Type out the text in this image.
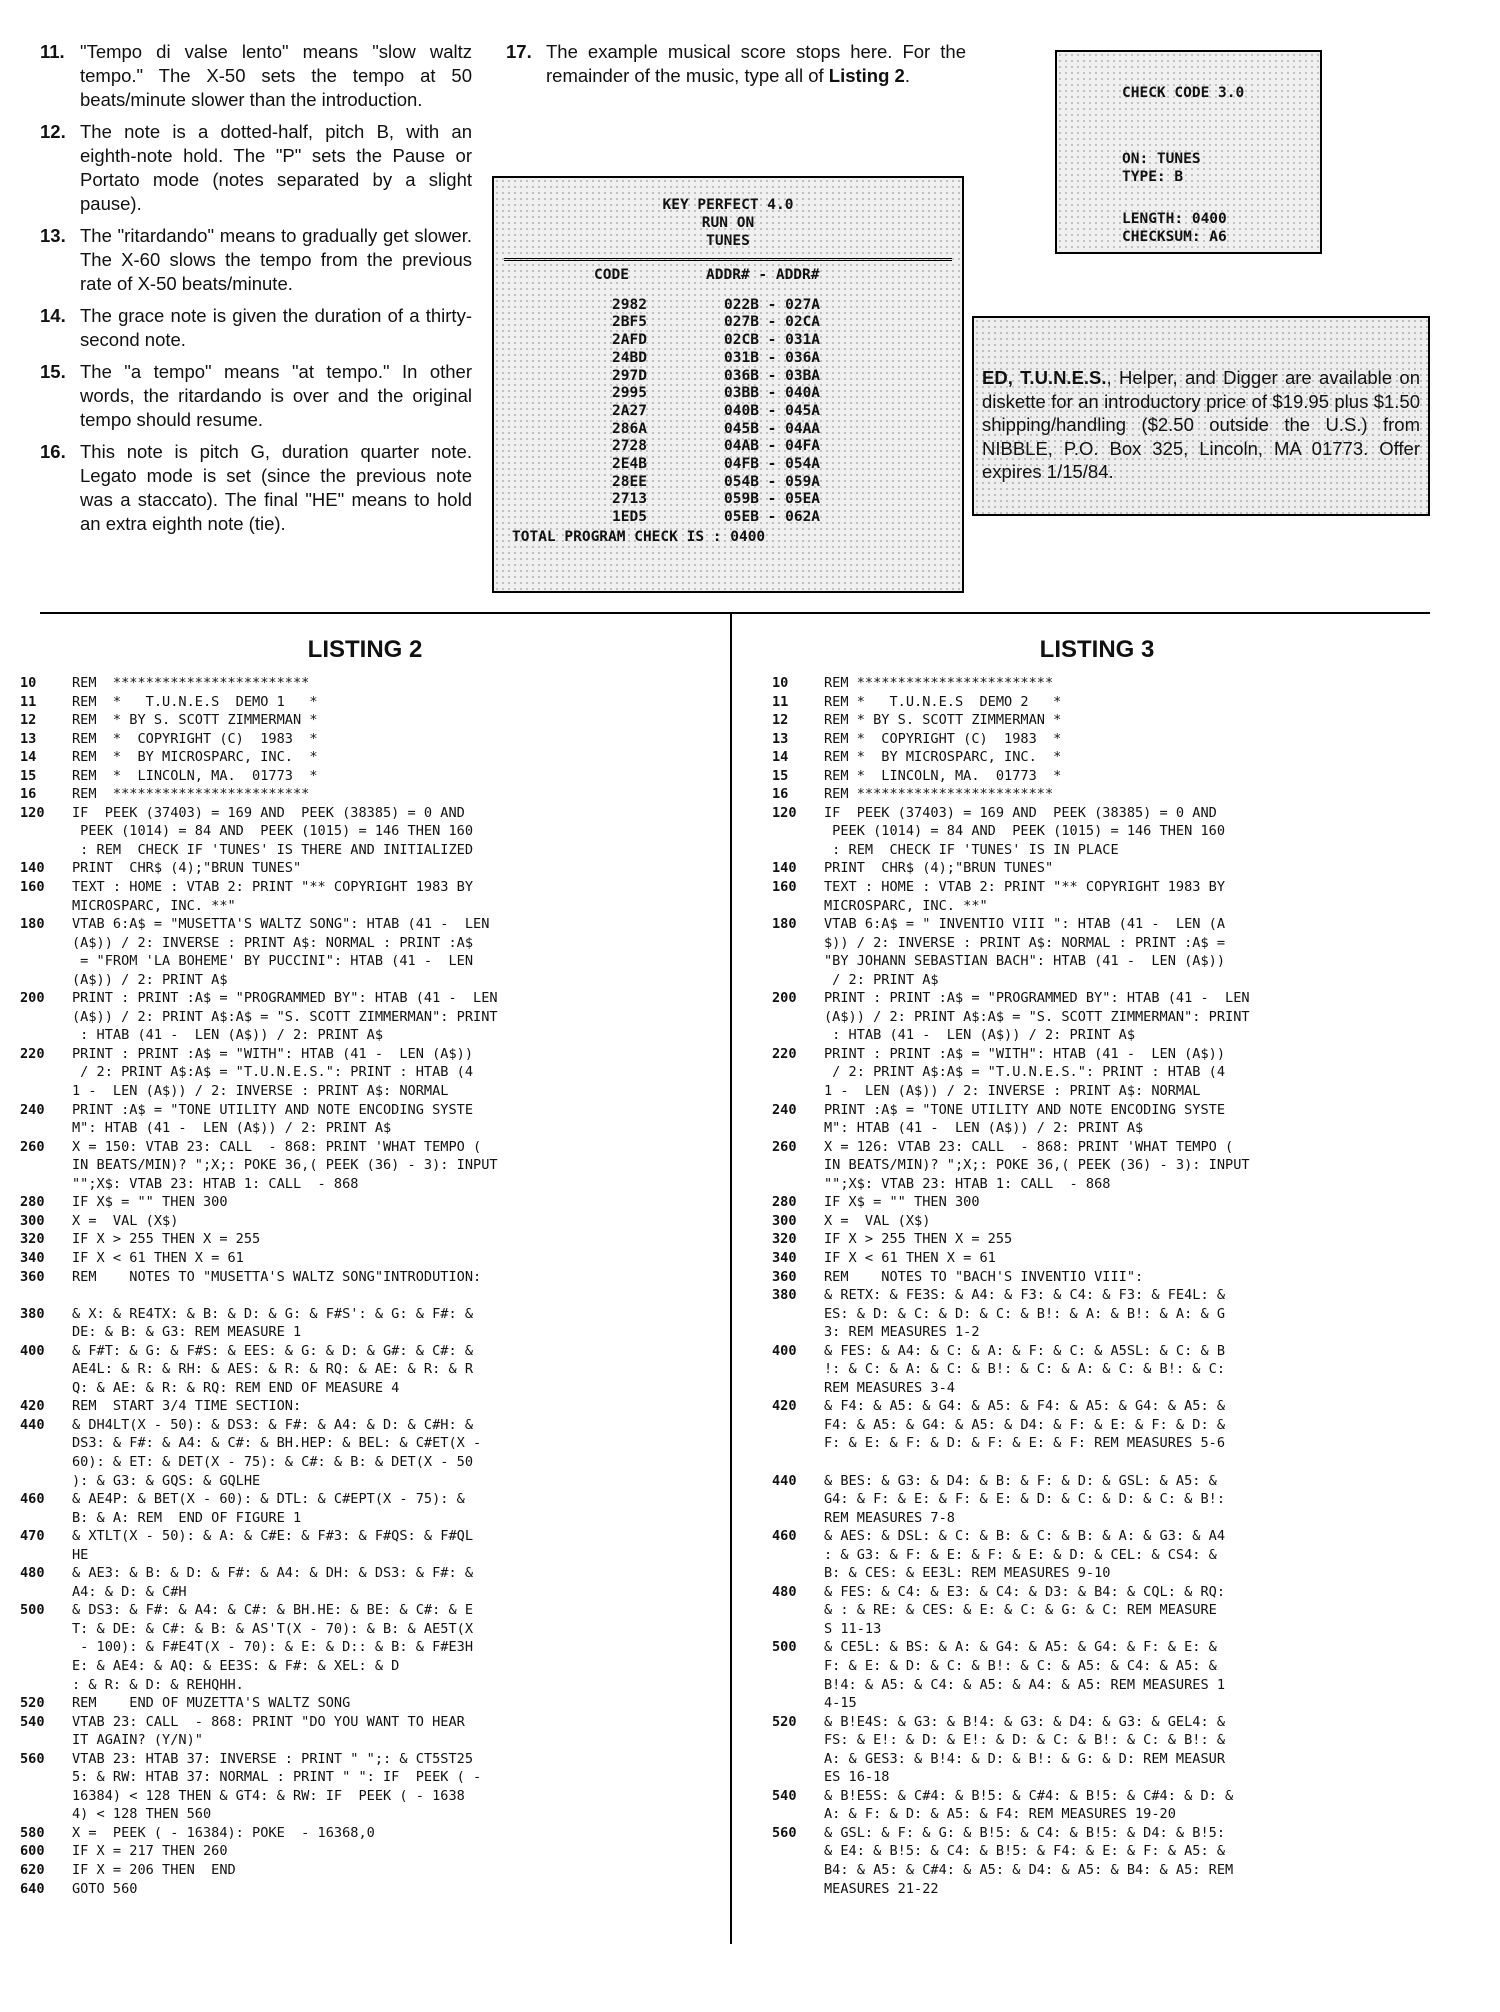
11. "Tempo di valse lento" means "slow waltz tempo." The X-50 sets the tempo at 50 beats/minute slower than the introduction.
12. The note is a dotted-half, pitch B, with an eighth-note hold. The "P" sets the Pause or Portato mode (notes separated by a slight pause).
13. The "ritardando" means to gradually get slower. The X-60 slows the tempo from the previous rate of X-50 beats/minute.
14. The grace note is given the duration of a thirty-second note.
15. The "a tempo" means "at tempo." In other words, the ritardando is over and the original tempo should resume.
16. This note is pitch G, duration quarter note. Legato mode is set (since the previous note was a staccato). The final "HE" means to hold an extra eighth note (tie).
17. The example musical score stops here. For the remainder of the music, type all of Listing 2.
CHECK CODE 3.0
ON: TUNES
TYPE: B
LENGTH: 0400
CHECKSUM: A6
KEY PERFECT 4.0
RUN ON
TUNES
CODE	ADDR# - ADDR#
2982	022B - 027A
2BF5	027B - 02CA
2AFD	02CB - 031A
24BD	031B - 036A
297D	036B - 03BA
2995	03BB - 040A
2A27	040B - 045A
286A	045B - 04AA
2728	04AB - 04FA
2E4B	04FB - 054A
28EE	054B - 059A
2713	059B - 05EA
1ED5	05EB - 062A
TOTAL PROGRAM CHECK IS : 0400
ED, T.U.N.E.S., Helper, and Digger are available on diskette for an introductory price of $19.95 plus $1.50 shipping/handling ($2.50 outside the U.S.) from NIBBLE, P.O. Box 325, Lincoln, MA 01773. Offer expires 1/15/84.
LISTING 2
10	REM  ************************
11	REM  *   T.U.N.E.S  DEMO 1   *
12	REM  * BY S. SCOTT ZIMMERMAN *
13	REM  *  COPYRIGHT (C)  1983  *
14	REM  *  BY MICROSPARC, INC.  *
15	REM  *  LINCOLN, MA.  01773  *
16	REM  ************************
120	IF  PEEK (37403) = 169 AND  PEEK (38385) = 0 AND
PEEK (1014) = 84 AND  PEEK (1015) = 146 THEN 160
: REM  CHECK IF 'TUNES' IS THERE AND INITIALIZED
140	PRINT  CHR$ (4);"BRUN TUNES"
160	TEXT : HOME : VTAB 2: PRINT "** COPYRIGHT 1983 BY
MICROSPARC, INC. **"
180	VTAB 6:A$ = "MUSETTA'S WALTZ SONG": HTAB (41 -  LEN
(A$)) / 2: INVERSE : PRINT A$: NORMAL : PRINT :A$
= "FROM 'LA BOHEME' BY PUCCINI": HTAB (41 -  LEN
(A$)) / 2: PRINT A$
200	PRINT : PRINT :A$ = "PROGRAMMED BY": HTAB (41 -  LEN
(A$)) / 2: PRINT A$:A$ = "S. SCOTT ZIMMERMAN": PRINT
: HTAB (41 -  LEN (A$)) / 2: PRINT A$
220	PRINT : PRINT :A$ = "WITH": HTAB (41 -  LEN (A$))
/ 2: PRINT A$:A$ = "T.U.N.E.S.": PRINT : HTAB (4
1 -  LEN (A$)) / 2: INVERSE : PRINT A$: NORMAL
240	PRINT :A$ = "TONE UTILITY AND NOTE ENCODING SYSTE
M": HTAB (41 -  LEN (A$)) / 2: PRINT A$
260	X = 150: VTAB 23: CALL  - 868: PRINT 'WHAT TEMPO (
IN BEATS/MIN)? ";X;: POKE 36,( PEEK (36) - 3): INPUT
"";X$: VTAB 23: HTAB 1: CALL  - 868
280	IF X$ = "" THEN 300
300	X =  VAL (X$)
320	IF X > 255 THEN X = 255
340	IF X < 61 THEN X = 61
360	REM    NOTES TO "MUSETTA'S WALTZ SONG"INTRODUTION:

380	& X: & RE4TX: & B: & D: & G: & F#S': & G: & F#: &
DE: & B: & G3: REM MEASURE 1
400	& F#T: & G: & F#S: & EES: & G: & D: & G#: & C#: &
AE4L: & R: & RH: & AES: & R: & RQ: & AE: & R: & R
Q: & AE: & R: & RQ: REM END OF MEASURE 4
420	REM  START 3/4 TIME SECTION:
440	& DH4LT(X - 50): & DS3: & F#: & A4: & D: & C#H: &
DS3: & F#: & A4: & C#: & BH.HEP: & BEL: & C#ET(X -
60): & ET: & DET(X - 75): & C#: & B: & DET(X - 50
): & G3: & GQS: & GQLHE
460	& AE4P: & BET(X - 60): & DTL: & C#EPT(X - 75): &
B: & A: REM  END OF FIGURE 1
470	& XTLT(X - 50): & A: & C#E: & F#3: & F#QS: & F#QL
HE
480	& AE3: & B: & D: & F#: & A4: & DH: & DS3: & F#: &
A4: & D: & C#H
500	& DS3: & F#: & A4: & C#: & BH.HE: & BE: & C#: & E
T: & DE: & C#: & B: & AS'T(X - 70): & B: & AE5T(X
- 100): & F#E4T(X - 70): & E: & D:: & B: & F#E3H
E: & AE4: & AQ: & EE3S: & F#: & XEL: & D
: & R: & D: & REHQHH.
520	REM    END OF MUZETTA'S WALTZ SONG
540	VTAB 23: CALL  - 868: PRINT "DO YOU WANT TO HEAR
IT AGAIN? (Y/N)"
560	VTAB 23: HTAB 37: INVERSE : PRINT " ";: & CT5ST25
5: & RW: HTAB 37: NORMAL : PRINT " ": IF  PEEK ( -
16384) < 128 THEN & GT4: & RW: IF  PEEK ( - 1638
4) < 128 THEN 560
580	X =  PEEK ( - 16384): POKE  - 16368,0
600	IF X = 217 THEN 260
620	IF X = 206 THEN  END
640	GOTO 560
LISTING 3
10	REM ************************
11	REM *   T.U.N.E.S  DEMO 2   *
12	REM * BY S. SCOTT ZIMMERMAN *
13	REM *  COPYRIGHT (C)  1983  *
14	REM *  BY MICROSPARC, INC.  *
15	REM *  LINCOLN, MA.  01773  *
16	REM ************************
120	IF  PEEK (37403) = 169 AND  PEEK (38385) = 0 AND
PEEK (1014) = 84 AND  PEEK (1015) = 146 THEN 160
: REM  CHECK IF 'TUNES' IS IN PLACE
140	PRINT  CHR$ (4);"BRUN TUNES"
160	TEXT : HOME : VTAB 2: PRINT "** COPYRIGHT 1983 BY
MICROSPARC, INC. **"
180	VTAB 6:A$ = " INVENTIO VIII ": HTAB (41 -  LEN (A
$)) / 2: INVERSE : PRINT A$: NORMAL : PRINT :A$ =
"BY JOHANN SEBASTIAN BACH": HTAB (41 -  LEN (A$))
/ 2: PRINT A$
200	PRINT : PRINT :A$ = "PROGRAMMED BY": HTAB (41 -  LEN
(A$)) / 2: PRINT A$:A$ = "S. SCOTT ZIMMERMAN": PRINT
: HTAB (41 -  LEN (A$)) / 2: PRINT A$
220	PRINT : PRINT :A$ = "WITH": HTAB (41 -  LEN (A$))
/ 2: PRINT A$:A$ = "T.U.N.E.S.": PRINT : HTAB (4
1 -  LEN (A$)) / 2: INVERSE : PRINT A$: NORMAL
240	PRINT :A$ = "TONE UTILITY AND NOTE ENCODING SYSTE
M": HTAB (41 -  LEN (A$)) / 2: PRINT A$
260	X = 126: VTAB 23: CALL  - 868: PRINT 'WHAT TEMPO (
IN BEATS/MIN)? ";X;: POKE 36,( PEEK (36) - 3): INPUT
"";X$: VTAB 23: HTAB 1: CALL  - 868
280	IF X$ = "" THEN 300
300	X =  VAL (X$)
320	IF X > 255 THEN X = 255
340	IF X < 61 THEN X = 61
360	REM    NOTES TO "BACH'S INVENTIO VIII":
380	& RETX: & FE3S: & A4: & F3: & C4: & F3: & FE4L: &
ES: & D: & C: & D: & C: & B!: & A: & B!: & A: & G
3: REM MEASURES 1-2
400	& FES: & A4: & C: & A: & F: & C: & A5SL: & C: & B
!: & C: & A: & C: & B!: & C: & A: & C: & B!: & C:
REM MEASURES 3-4
420	& F4: & A5: & G4: & A5: & F4: & A5: & G4: & A5: &
F4: & A5: & G4: & A5: & D4: & F: & E: & F: & D: &
F: & E: & F: & D: & F: & E: & F: REM MEASURES 5-6

440	& BES: & G3: & D4: & B: & F: & D: & GSL: & A5: &
G4: & F: & E: & F: & E: & D: & C: & D: & C: & B!:
REM MEASURES 7-8
460	& AES: & DSL: & C: & B: & C: & B: & A: & G3: & A4
: & G3: & F: & E: & F: & E: & D: & CEL: & CS4: &
B: & CES: & EE3L: REM MEASURES 9-10
480	& FES: & C4: & E3: & C4: & D3: & B4: & CQL: & RQ:
& : & RE: & CES: & E: & C: & G: & C: REM MEASURE
S 11-13
500	& CE5L: & BS: & A: & G4: & A5: & G4: & F: & E: &
F: & E: & D: & C: & B!: & C: & A5: & C4: & A5: &
B!4: & A5: & C4: & A5: & A4: & A5: REM MEASURES 1
4-15
520	& B!E4S: & G3: & B!4: & G3: & D4: & G3: & GEL4: &
FS: & E!: & D: & E!: & D: & C: & B!: & C: & B!: &
A: & GES3: & B!4: & D: & B!: & G: & D: REM MEASUR
ES 16-18
540	& B!E5S: & C#4: & B!5: & C#4: & B!5: & C#4: & D: &
A: & F: & D: & A5: & F4: REM MEASURES 19-20
560	& GSL: & F: & G: & B!5: & C4: & B!5: & D4: & B!5:
& E4: & B!5: & C4: & B!5: & F4: & E: & F: & A5: &
B4: & A5: & C#4: & A5: & D4: & A5: & B4: & A5: REM
MEASURES 21-22
